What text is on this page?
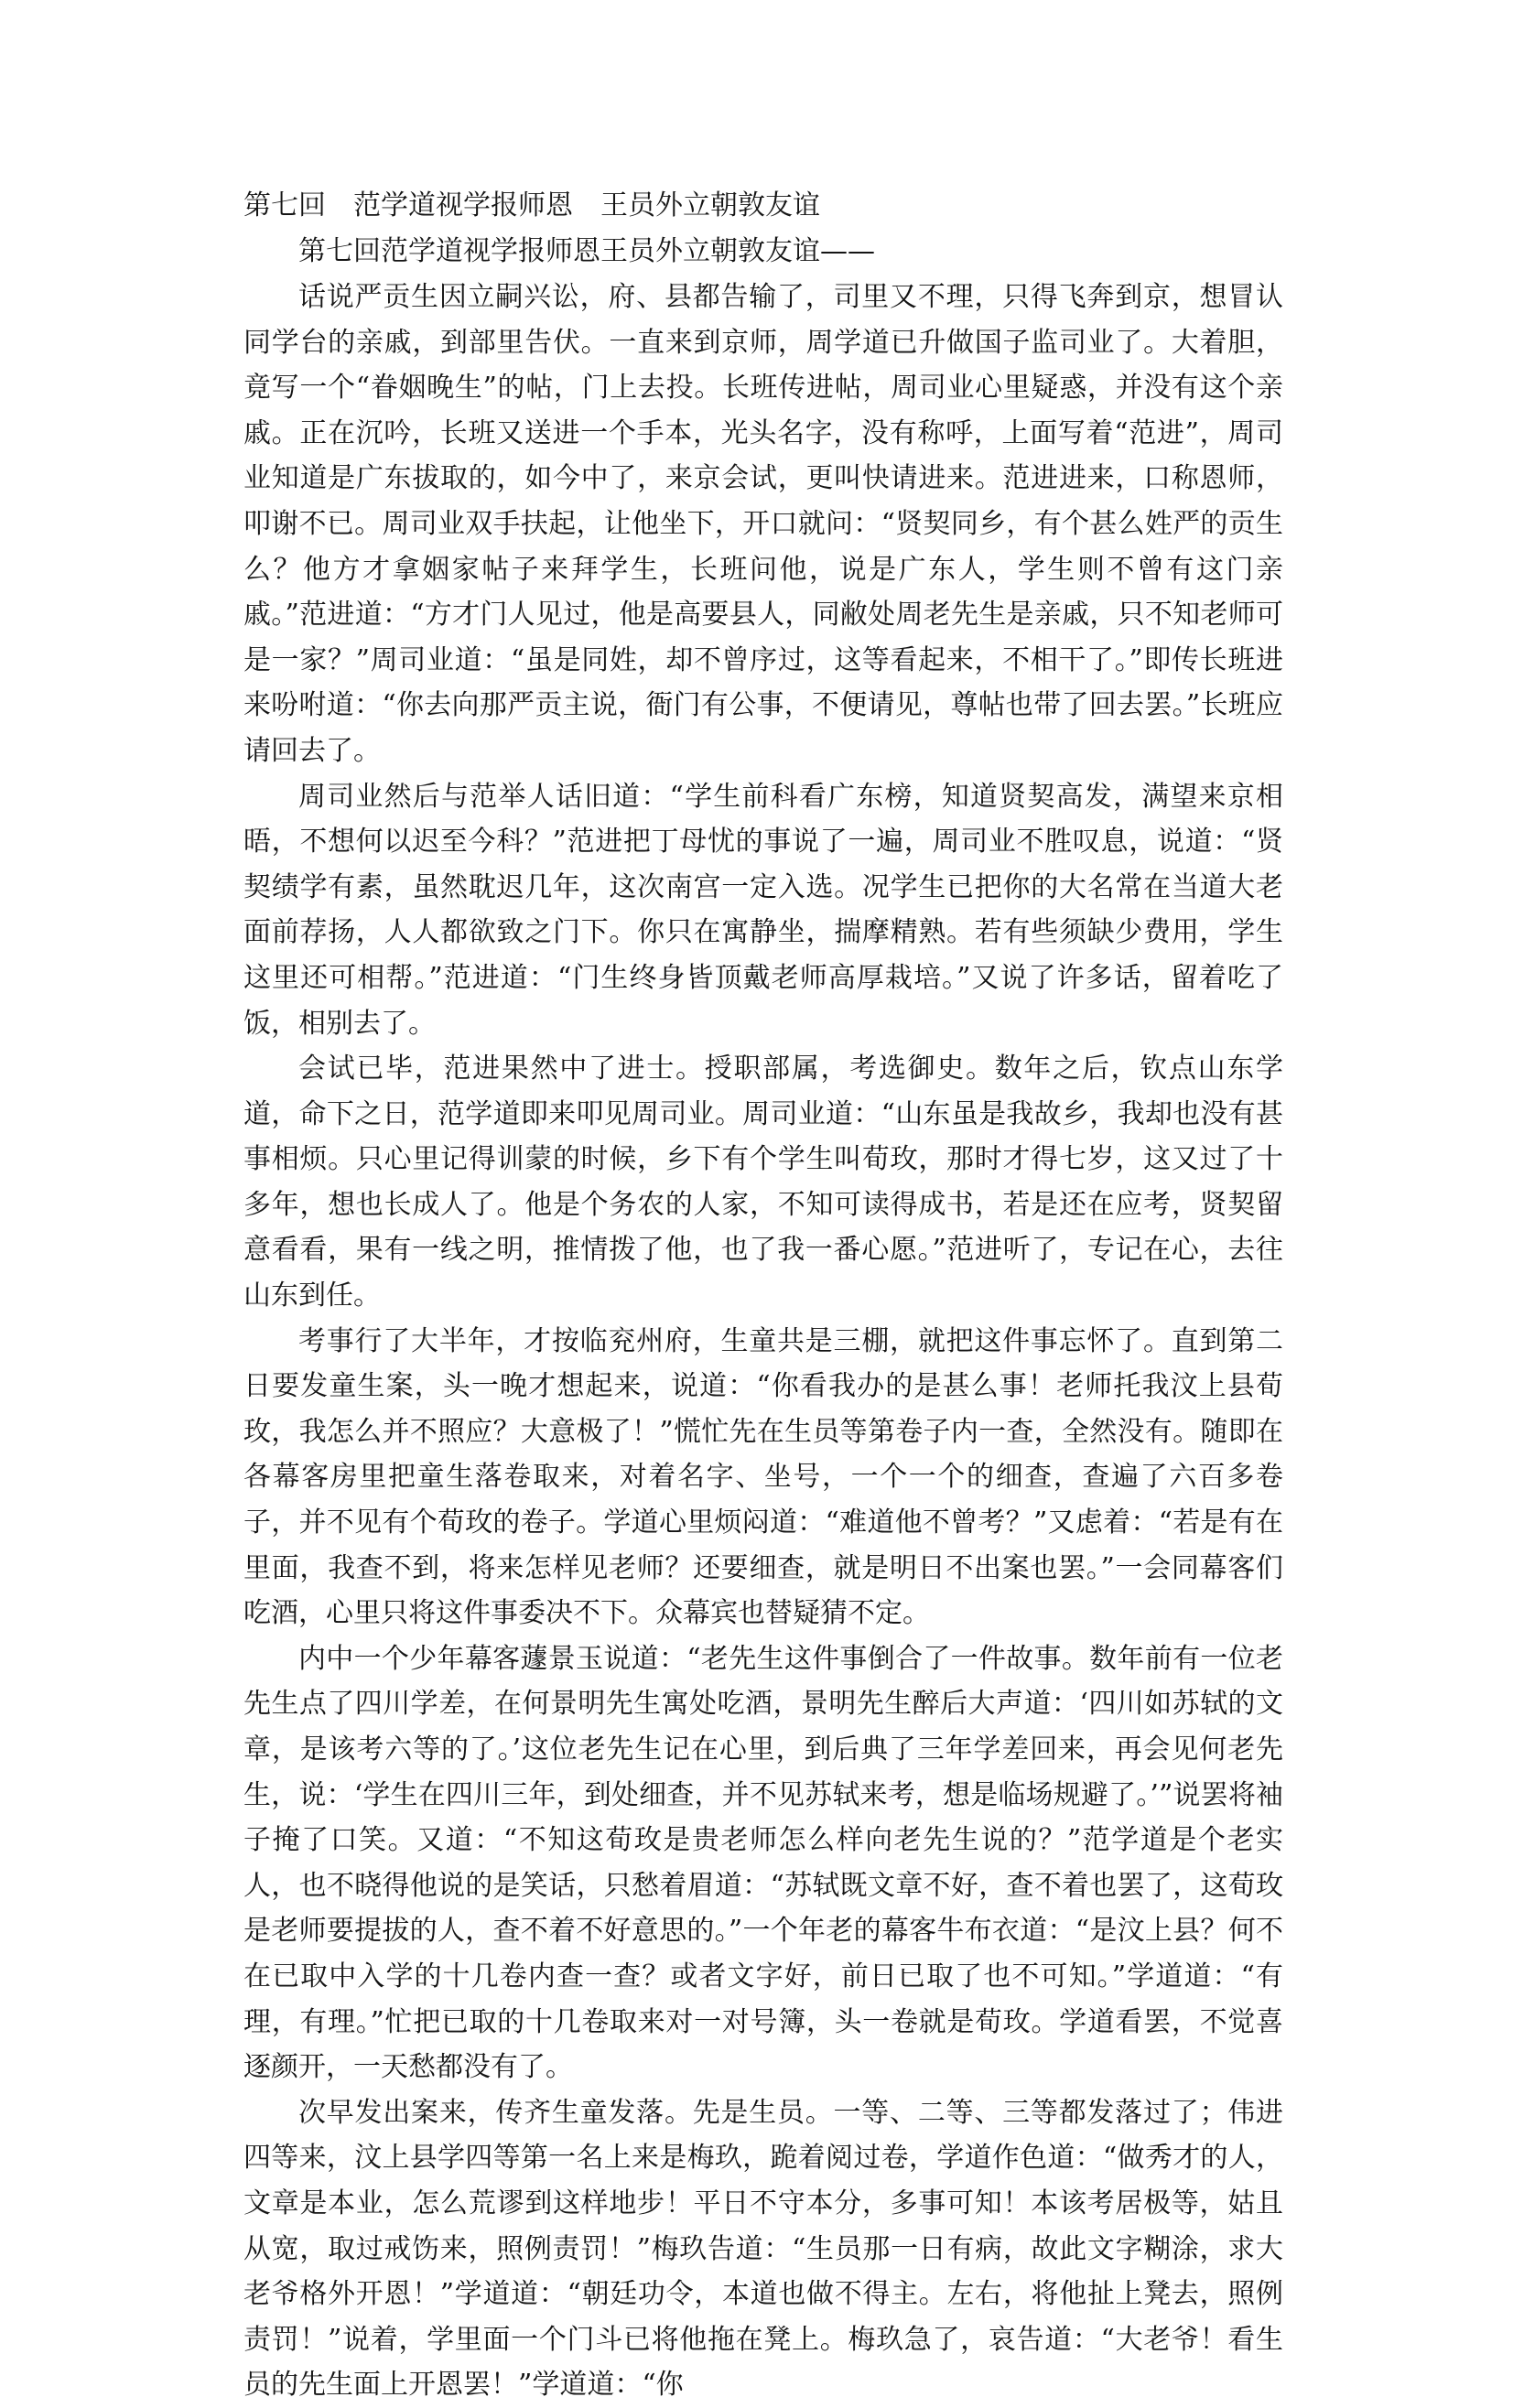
第七回　范学道视学报师恩　王员外立朝敦友谊

第七回范学道视学报师恩王员外立朝敦友谊——

话说严贡生因立嗣兴讼，府、县都告输了，司里又不理，只得飞奔到京，想冒认同学台的亲戚，到部里告伏。一直来到京师，周学道已升做国子监司业了。大着胆，竟写一个“眷姻晚生”的帖，门上去投。长班传进帖，周司业心里疑惑，并没有这个亲戚。正在沉吟，长班又送进一个手本，光头名字，没有称呼，上面写着“范进”，周司业知道是广东拔取的，如今中了，来京会试，更叫快请进来。范进进来，口称恩师，叩谢不已。周司业双手扶起，让他坐下，开口就问：“贤契同乡，有个甚么姓严的贡生么？他方才拿姻家帖子来拜学生，长班问他，说是广东人，学生则不曾有这门亲戚。”范进道：“方才门人见过，他是高要县人，同敝处周老先生是亲戚，只不知老师可是一家？”周司业道：“虽是同姓，却不曾序过，这等看起来，不相干了。”即传长班进来吩咐道：“你去向那严贡主说，衙门有公事，不便请见，尊帖也带了回去罢。”长班应请回去了。

周司业然后与范举人话旧道：“学生前科看广东榜，知道贤契高发，满望来京相晤，不想何以迟至今科？”范进把丁母忧的事说了一遍，周司业不胜叹息，说道：“贤契绩学有素，虽然耽迟几年，这次南宫一定入选。况学生已把你的大名常在当道大老面前荐扬，人人都欲致之门下。你只在寓静坐，揣摩精熟。若有些须缺少费用，学生这里还可相帮。”范进道：“门生终身皆顶戴老师高厚栽培。”又说了许多话，留着吃了饭，相别去了。

会试已毕，范进果然中了进士。授职部属，考选御史。数年之后，钦点山东学道，命下之日，范学道即来叩见周司业。周司业道：“山东虽是我故乡，我却也没有甚事相烦。只心里记得训蒙的时候，乡下有个学生叫荀玫，那时才得七岁，这又过了十多年，想也长成人了。他是个务农的人家，不知可读得成书，若是还在应考，贤契留意看看，果有一线之明，推情拨了他，也了我一番心愿。”范进听了，专记在心，去往山东到任。

考事行了大半年，才按临兖州府，生童共是三棚，就把这件事忘怀了。直到第二日要发童生案，头一晚才想起来，说道：“你看我办的是甚么事！老师托我汶上县荀玫，我怎么并不照应？大意极了！”慌忙先在生员等第卷子内一查，全然没有。随即在各幕客房里把童生落卷取来，对着名字、坐号，一个一个的细查，查遍了六百多卷子，并不见有个荀玫的卷子。学道心里烦闷道：“难道他不曾考？”又虑着：“若是有在里面，我查不到，将来怎样见老师？还要细查，就是明日不出案也罢。”一会同幕客们吃酒，心里只将这件事委决不下。众幕宾也替疑猜不定。

内中一个少年幕客蘧景玉说道：“老先生这件事倒合了一件故事。数年前有一位老先生点了四川学差，在何景明先生寓处吃酒，景明先生醉后大声道：‘四川如苏轼的文章，是该考六等的了。’这位老先生记在心里，到后典了三年学差回来，再会见何老先生，说：‘学生在四川三年，到处细查，并不见苏轼来考，想是临场规避了。’”说罢将袖子掩了口笑。又道：“不知这荀玫是贵老师怎么样向老先生说的？”范学道是个老实人，也不晓得他说的是笑话，只愁着眉道：“苏轼既文章不好，查不着也罢了，这荀玫是老师要提拔的人，查不着不好意思的。”一个年老的幕客牛布衣道：“是汶上县？何不在已取中入学的十几卷内查一查？或者文字好，前日已取了也不可知。”学道道：“有理，有理。”忙把已取的十几卷取来对一对号簿，头一卷就是荀玫。学道看罢，不觉喜逐颜开，一天愁都没有了。

次早发出案来，传齐生童发落。先是生员。一等、二等、三等都发落过了；伟进四等来，汶上县学四等第一名上来是梅玖，跪着阅过卷，学道作色道：“做秀才的人，文章是本业，怎么荒谬到这样地步！平日不守本分，多事可知！本该考居极等，姑且从宽，取过戒饬来，照例责罚！”梅玖告道：“生员那一日有病，故此文字糊涂，求大老爷格外开恩！”学道道：“朝廷功令，本道也做不得主。左右，将他扯上凳去，照例责罚！”说着，学里面一个门斗已将他拖在凳上。梅玖急了，哀告道：“大老爷！看生员的先生面上开恩罢！”学道道：“你
